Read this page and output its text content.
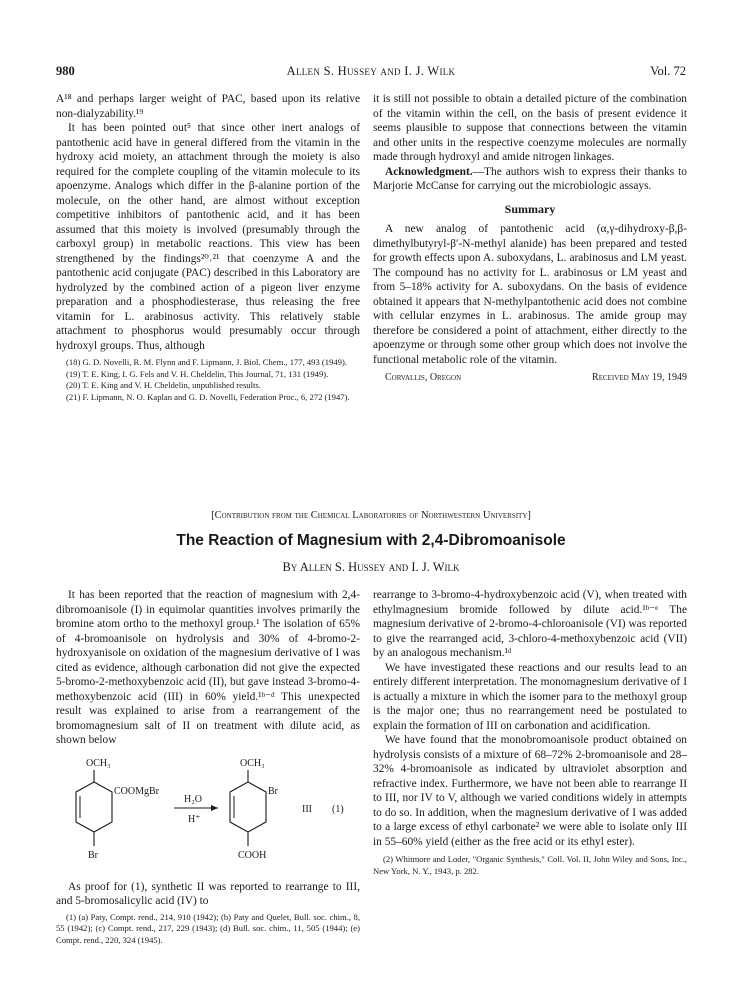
980	Allen S. Hussey and I. J. Wilk	Vol. 72

A¹⁸ and perhaps larger weight of PAC, based upon its relative non-dialyzability.¹⁹

It has been pointed out⁵ that since other inert analogs of pantothenic acid have in general differed from the vitamin in the hydroxy acid moiety, an attachment through the moiety is also required for the complete coupling of the vitamin molecule to its apoenzyme. Analogs which differ in the β-alanine portion of the molecule, on the other hand, are almost without exception competitive inhibitors of pantothenic acid, and it has been assumed that this moiety is involved (presumably through the carboxyl group) in metabolic reactions. This view has been strengthened by the findings²⁰˒²¹ that coenzyme A and the pantothenic acid conjugate (PAC) described in this Laboratory are hydrolyzed by the combined action of a pigeon liver enzyme preparation and a phosphodiesterase, thus releasing the free vitamin for L. arabinosus activity. This relatively stable attachment to phosphorus would presumably occur through hydroxyl groups. Thus, although

(18) G. D. Novelli, R. M. Flynn and F. Lipmann, J. Biol. Chem., 177, 493 (1949).
(19) T. E. King, I. G. Fels and V. H. Cheldelin, This Journal, 71, 131 (1949).
(20) T. E. King and V. H. Cheldelin, unpublished results.
(21) F. Lipmann, N. O. Kaplan and G. D. Novelli, Federation Proc., 6, 272 (1947).

it is still not possible to obtain a detailed picture of the combination of the vitamin within the cell, on the basis of present evidence it seems plausible to suppose that connections between the vitamin and other units in the respective coenzyme molecules are normally made through hydroxyl and amide nitrogen linkages.

Acknowledgment.—The authors wish to express their thanks to Marjorie McCanse for carrying out the microbiologic assays.

Summary

A new analog of pantothenic acid (α,γ-dihydroxy-β,β-dimethylbutyryl-β′-N-methyl alanide) has been prepared and tested for growth effects upon A. suboxydans, L. arabinosus and LM yeast. The compound has no activity for L. arabinosus or LM yeast and from 5–18% activity for A. suboxydans. On the basis of evidence obtained it appears that N-methylpantothenic acid does not combine with cellular enzymes in L. arabinosus. The amide group may therefore be considered a point of attachment, either directly to the apoenzyme or through some other group which does not involve the functional metabolic role of the vitamin.

Corvallis, Oregon	Received May 19, 1949
[Contribution from the Chemical Laboratories of Northwestern University]
The Reaction of Magnesium with 2,4-Dibromoanisole
By Allen S. Hussey and I. J. Wilk

It has been reported that the reaction of magnesium with 2,4-dibromoanisole (I) in equimolar quantities involves primarily the bromine atom ortho to the methoxyl group.¹ The isolation of 65% of 4-bromoanisole on hydrolysis and 30% of 4-bromo-2-hydroxyanisole on oxidation of the magnesium derivative of I was cited as evidence, although carbonation did not give the expected 5-bromo-2-methoxybenzoic acid (II), but gave instead 3-bromo-4-methoxybenzoic acid (III) in 60% yield.¹ᵇ⁻ᵈ This unexpected result was explained to arise from a rearrangement of the bromomagnesium salt of II on treatment with dilute acid, as shown below

OCH₃
COOMgBr
Br
H₂O
H⁺
OCH₃
Br
COOH
III (1)

As proof for (1), synthetic II was reported to rearrange to III, and 5-bromosalicylic acid (IV) to

(1) (a) Paty, Compt. rend., 214, 910 (1942); (b) Paty and Quelet, Bull. soc. chim., 8, 55 (1942); (c) Compt. rend., 217, 229 (1943); (d) Bull. soc. chim., 11, 505 (1944); (e) Compt. rend., 220, 324 (1945).

rearrange to 3-bromo-4-hydroxybenzoic acid (V), when treated with ethylmagnesium bromide followed by dilute acid.¹ᵇ⁻ᵉ The magnesium derivative of 2-bromo-4-chloroanisole (VI) was reported to give the rearranged acid, 3-chloro-4-methoxybenzoic acid (VII) by an analogous mechanism.¹ᵈ

We have investigated these reactions and our results lead to an entirely different interpretation. The monomagnesium derivative of I is actually a mixture in which the isomer para to the methoxyl group is the major one; thus no rearrangement need be postulated to explain the formation of III on carbonation and acidification.

We have found that the monobromoanisole product obtained on hydrolysis consists of a mixture of 68–72% 2-bromoanisole and 28–32% 4-bromoanisole as indicated by ultraviolet absorption and refractive index. Furthermore, we have not been able to rearrange II to III, nor IV to V, although we varied conditions widely in attempts to do so. In addition, when the magnesium derivative of I was added to a large excess of ethyl carbonate² we were able to isolate only III in 55–60% yield (either as the free acid or its ethyl ester).

(2) Whitmore and Loder, "Organic Synthesis," Coll. Vol. II, John Wiley and Sons, Inc., New York, N. Y., 1943, p. 282.
